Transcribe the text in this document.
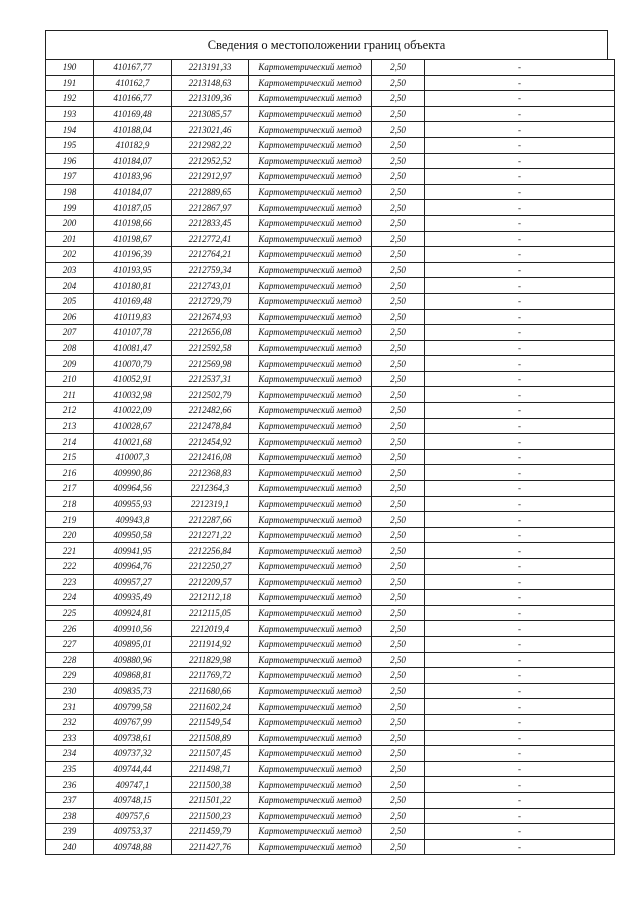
Сведения о местоположении границ объекта
190	410167,77	2213191,33	Картометрический метод	2,50	-
191	410162,7	2213148,63	Картометрический метод	2,50	-
192	410166,77	2213109,36	Картометрический метод	2,50	-
193	410169,48	2213085,57	Картометрический метод	2,50	-
194	410188,04	2213021,46	Картометрический метод	2,50	-
195	410182,9	2212982,22	Картометрический метод	2,50	-
196	410184,07	2212952,52	Картометрический метод	2,50	-
197	410183,96	2212912,97	Картометрический метод	2,50	-
198	410184,07	2212889,65	Картометрический метод	2,50	-
199	410187,05	2212867,97	Картометрический метод	2,50	-
200	410198,66	2212833,45	Картометрический метод	2,50	-
201	410198,67	2212772,41	Картометрический метод	2,50	-
202	410196,39	2212764,21	Картометрический метод	2,50	-
203	410193,95	2212759,34	Картометрический метод	2,50	-
204	410180,81	2212743,01	Картометрический метод	2,50	-
205	410169,48	2212729,79	Картометрический метод	2,50	-
206	410119,83	2212674,93	Картометрический метод	2,50	-
207	410107,78	2212656,08	Картометрический метод	2,50	-
208	410081,47	2212592,58	Картометрический метод	2,50	-
209	410070,79	2212569,98	Картометрический метод	2,50	-
210	410052,91	2212537,31	Картометрический метод	2,50	-
211	410032,98	2212502,79	Картометрический метод	2,50	-
212	410022,09	2212482,66	Картометрический метод	2,50	-
213	410028,67	2212478,84	Картометрический метод	2,50	-
214	410021,68	2212454,92	Картометрический метод	2,50	-
215	410007,3	2212416,08	Картометрический метод	2,50	-
216	409990,86	2212368,83	Картометрический метод	2,50	-
217	409964,56	2212364,3	Картометрический метод	2,50	-
218	409955,93	2212319,1	Картометрический метод	2,50	-
219	409943,8	2212287,66	Картометрический метод	2,50	-
220	409950,58	2212271,22	Картометрический метод	2,50	-
221	409941,95	2212256,84	Картометрический метод	2,50	-
222	409964,76	2212250,27	Картометрический метод	2,50	-
223	409957,27	2212209,57	Картометрический метод	2,50	-
224	409935,49	2212112,18	Картометрический метод	2,50	-
225	409924,81	2212115,05	Картометрический метод	2,50	-
226	409910,56	2212019,4	Картометрический метод	2,50	-
227	409895,01	2211914,92	Картометрический метод	2,50	-
228	409880,96	2211829,98	Картометрический метод	2,50	-
229	409868,81	2211769,72	Картометрический метод	2,50	-
230	409835,73	2211680,66	Картометрический метод	2,50	-
231	409799,58	2211602,24	Картометрический метод	2,50	-
232	409767,99	2211549,54	Картометрический метод	2,50	-
233	409738,61	2211508,89	Картометрический метод	2,50	-
234	409737,32	2211507,45	Картометрический метод	2,50	-
235	409744,44	2211498,71	Картометрический метод	2,50	-
236	409747,1	2211500,38	Картометрический метод	2,50	-
237	409748,15	2211501,22	Картометрический метод	2,50	-
238	409757,6	2211500,23	Картометрический метод	2,50	-
239	409753,37	2211459,79	Картометрический метод	2,50	-
240	409748,88	2211427,76	Картометрический метод	2,50	-
